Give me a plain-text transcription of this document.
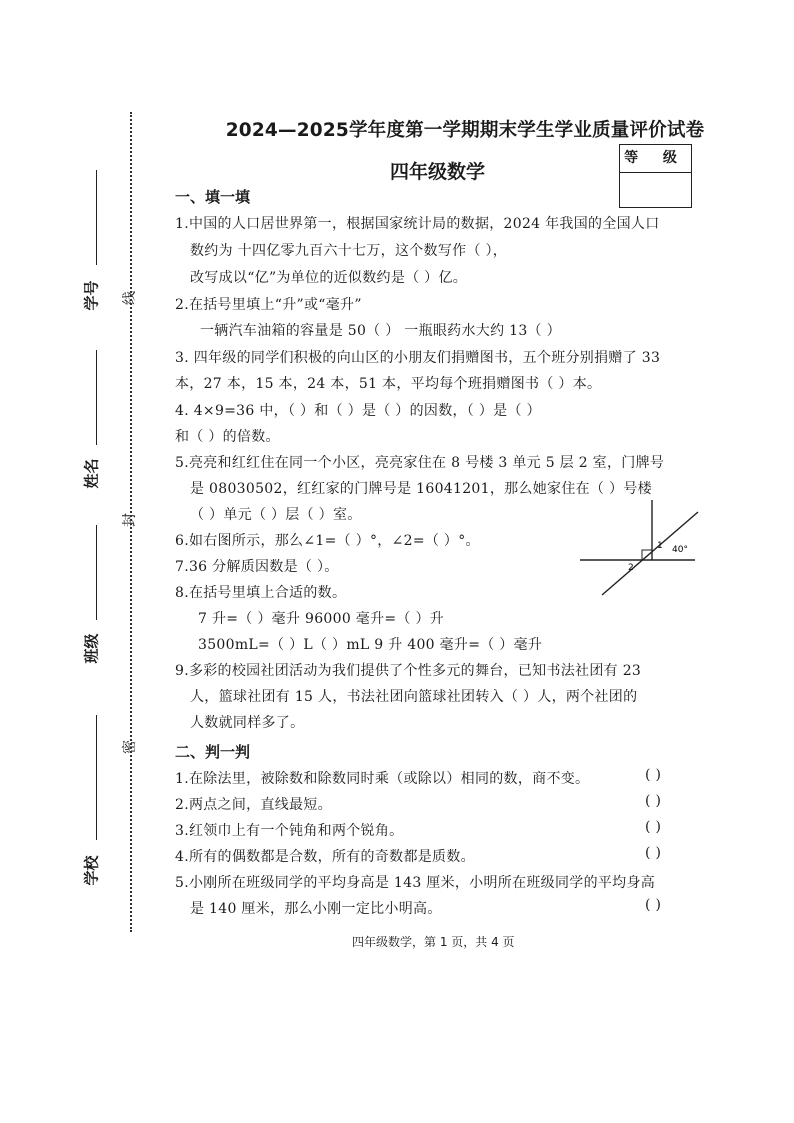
学号
姓名
班级
学校
线
封
密
2024—2025学年度第一学期期末学生学业质量评价试卷
四年级数学
等 级
一、填一填
1.中国的人口居世界第一，根据国家统计局的数据，2024 年我国的全国人口
数约为 十四亿零九百六十七万，这个数写作（ ），
改写成以“亿”为单位的近似数约是（ ）亿。
2.在括号里填上“升”或“毫升”
一辆汽车油箱的容量是 50（ ） 一瓶眼药水大约 13（ ）
3. 四年级的同学们积极的向山区的小朋友们捐赠图书，五个班分别捐赠了 33
本，27 本，15 本，24 本，51 本，平均每个班捐赠图书（ ）本。
4. 4×9=36 中，（ ）和（ ）是（ ）的因数，（ ）是（ ）
和（ ）的倍数。
5.亮亮和红红住在同一个小区，亮亮家住在 8 号楼 3 单元 5 层 2 室，门牌号
是 08030502，红红家的门牌号是 16041201，那么她家住在（ ）号楼
（ ）单元（ ）层（ ）室。
6.如右图所示，那么∠1=（ ）°，∠2=（ ）°。
7.36 分解质因数是（ ）。
8.在括号里填上合适的数。
7 升=（ ）毫升 96000 毫升=（ ）升
3500mL=（ ）L（ ）mL 9 升 400 毫升=（ ）毫升
9.多彩的校园社团活动为我们提供了个性多元的舞台，已知书法社团有 23
人，篮球社团有 15 人，书法社团向篮球社团转入（ ）人，两个社团的
人数就同样多了。
1 40°
2
二、判一判
1.在除法里，被除数和除数同时乘（或除以）相同的数，商不变。	( )
2.两点之间，直线最短。	( )
3.红领巾上有一个钝角和两个锐角。	( )
4.所有的偶数都是合数，所有的奇数都是质数。	( )
5.小刚所在班级同学的平均身高是 143 厘米，小明所在班级同学的平均身高
是 140 厘米，那么小刚一定比小明高。	( )
四年级数学，第 1 页，共 4 页
